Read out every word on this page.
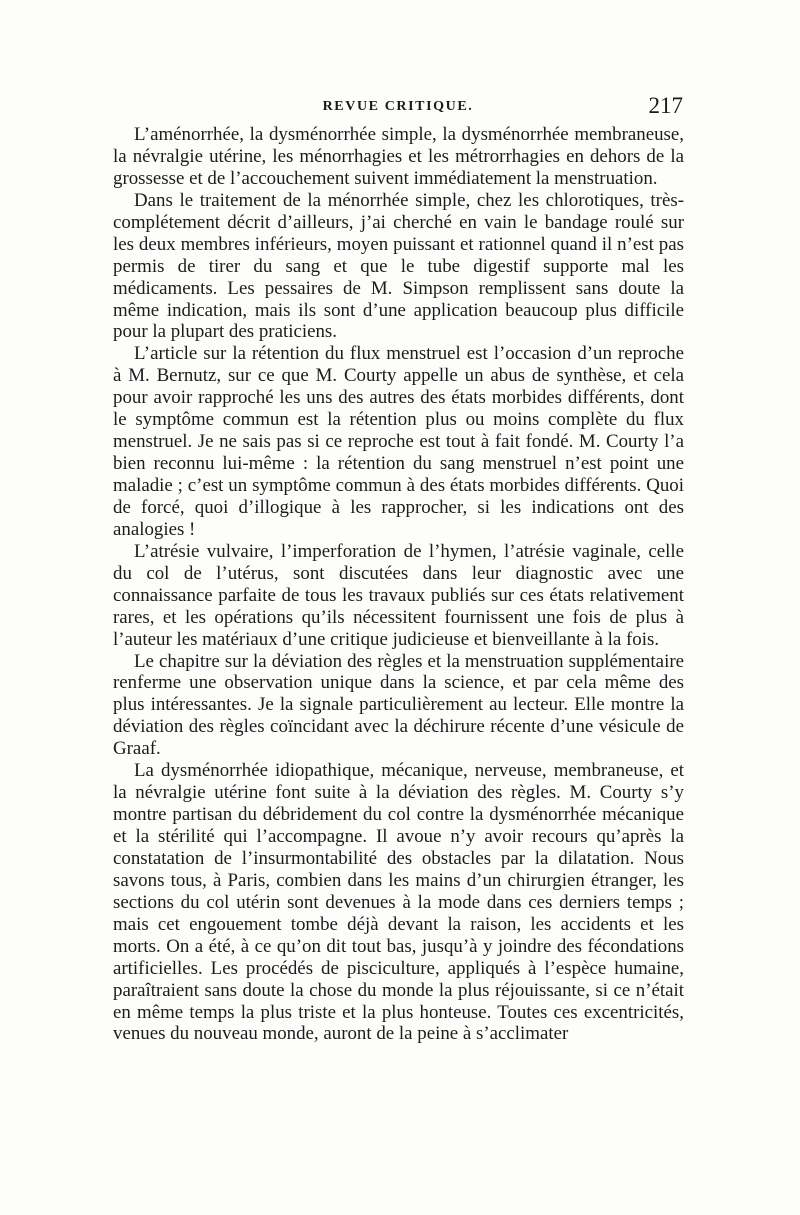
REVUE CRITIQUE.	217

L’aménorrhée, la dysménorrhée simple, la dysménorrhée membraneuse, la névralgie utérine, les ménorrhagies et les métrorrhagies en dehors de la grossesse et de l’accouchement suivent immédiatement la menstruation.

Dans le traitement de la ménorrhée simple, chez les chlorotiques, très-complétement décrit d’ailleurs, j’ai cherché en vain le bandage roulé sur les deux membres inférieurs, moyen puissant et rationnel quand il n’est pas permis de tirer du sang et que le tube digestif supporte mal les médicaments. Les pessaires de M. Simpson remplissent sans doute la même indication, mais ils sont d’une application beaucoup plus difficile pour la plupart des praticiens.

L’article sur la rétention du flux menstruel est l’occasion d’un reproche à M. Bernutz, sur ce que M. Courty appelle un abus de synthèse, et cela pour avoir rapproché les uns des autres des états morbides différents, dont le symptôme commun est la rétention plus ou moins complète du flux menstruel. Je ne sais pas si ce reproche est tout à fait fondé. M. Courty l’a bien reconnu lui-même : la rétention du sang menstruel n’est point une maladie ; c’est un symptôme commun à des états morbides différents. Quoi de forcé, quoi d’illogique à les rapprocher, si les indications ont des analogies !

L’atrésie vulvaire, l’imperforation de l’hymen, l’atrésie vaginale, celle du col de l’utérus, sont discutées dans leur diagnostic avec une connaissance parfaite de tous les travaux publiés sur ces états relativement rares, et les opérations qu’ils nécessitent fournissent une fois de plus à l’auteur les matériaux d’une critique judicieuse et bienveillante à la fois.

Le chapitre sur la déviation des règles et la menstruation supplémentaire renferme une observation unique dans la science, et par cela même des plus intéressantes. Je la signale particulièrement au lecteur. Elle montre la déviation des règles coïncidant avec la déchirure récente d’une vésicule de Graaf.

La dysménorrhée idiopathique, mécanique, nerveuse, membraneuse, et la névralgie utérine font suite à la déviation des règles. M. Courty s’y montre partisan du débridement du col contre la dysménorrhée mécanique et la stérilité qui l’accompagne. Il avoue n’y avoir recours qu’après la constatation de l’insurmontabilité des obstacles par la dilatation. Nous savons tous, à Paris, combien dans les mains d’un chirurgien étranger, les sections du col utérin sont devenues à la mode dans ces derniers temps ; mais cet engouement tombe déjà devant la raison, les accidents et les morts. On a été, à ce qu’on dit tout bas, jusqu’à y joindre des fécondations artificielles. Les procédés de pisciculture, appliqués à l’espèce humaine, paraîtraient sans doute la chose du monde la plus réjouissante, si ce n’était en même temps la plus triste et la plus honteuse. Toutes ces excentricités, venues du nouveau monde, auront de la peine à s’acclimater
